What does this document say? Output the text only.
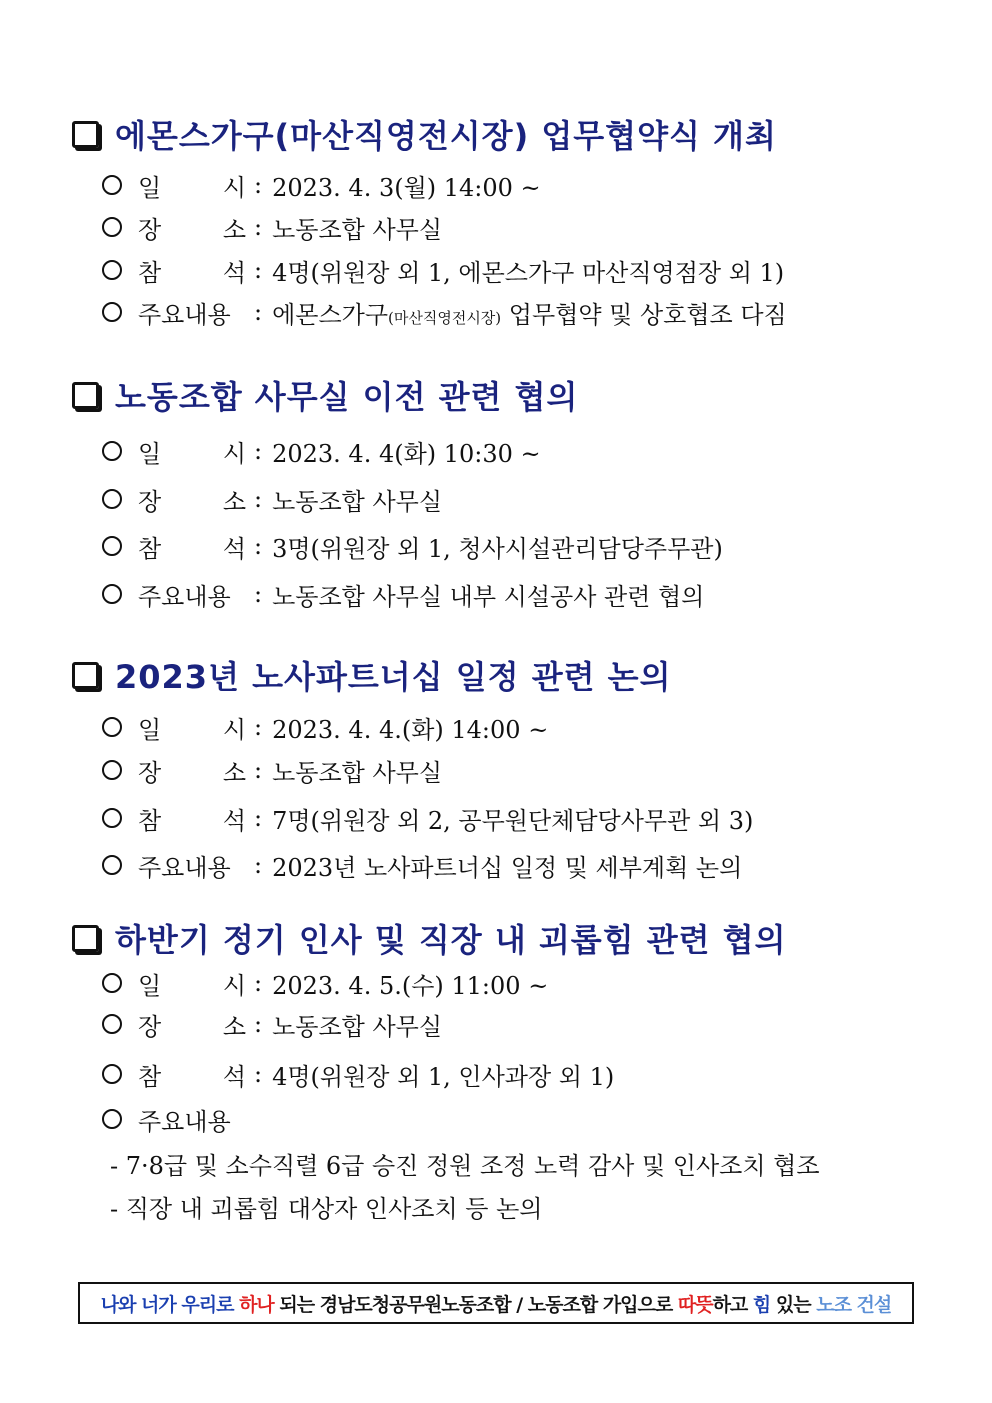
에몬스가구(마산직영전시장) 업무협약식 개최
일	시 : 2023. 4. 3(월) 14:00 ~
장	소 : 노동조합 사무실
참	석 : 4명(위원장 외 1, 에몬스가구 마산직영점장 외 1)
주요내용 : 에몬스가구(마산직영전시장) 업무협약 및 상호협조 다짐
노동조합 사무실 이전 관련 협의
일	시 : 2023. 4. 4(화) 10:30 ~
장	소 : 노동조합 사무실
참	석 : 3명(위원장 외 1, 청사시설관리담당주무관)
주요내용 : 노동조합 사무실 내부 시설공사 관련 협의
2023년 노사파트너십 일정 관련 논의
일	시 : 2023. 4. 4.(화) 14:00 ~
장	소 : 노동조합 사무실
참	석 : 7명(위원장 외 2, 공무원단체담당사무관 외 3)
주요내용 : 2023년 노사파트너십 일정 및 세부계획 논의
하반기 정기 인사 및 직장 내 괴롭힘 관련 협의
일	시 : 2023. 4. 5.(수) 11:00 ~
장	소 : 노동조합 사무실
참	석 : 4명(위원장 외 1, 인사과장 외 1)
주요내용
- 7·8급 및 소수직렬 6급 승진 정원 조정 노력 감사 및 인사조치 협조
- 직장 내 괴롭힘 대상자 인사조치 등 논의
나와 너가 우리로 하나 되는 경남도청공무원노동조합 / 노동조합 가입으로 따뜻 하고 힘 있는 노조 건설
